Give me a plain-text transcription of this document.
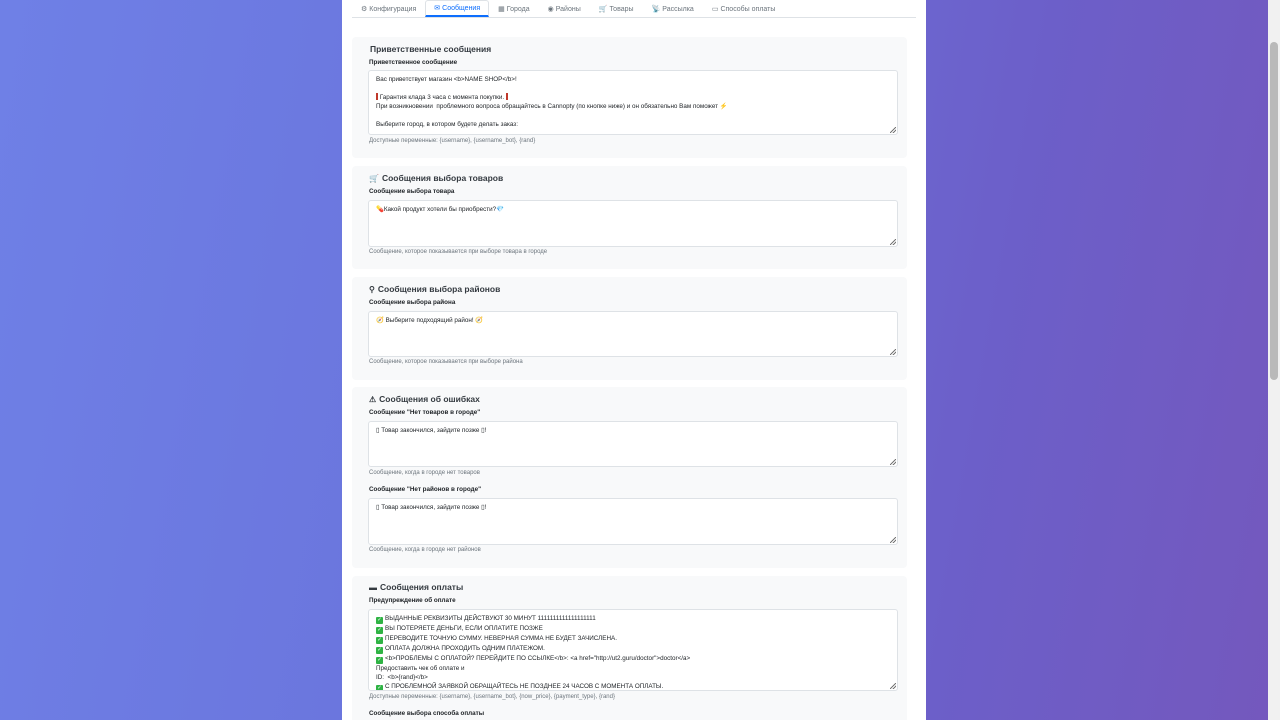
⚙ Конфигурация	✉ Сообщения	▦ Города	◉ Районы	🛒 Товары	📡 Рассылка	▭ Способы оплаты
Приветственные сообщения
Приветственное сообщение
Вас приветствует магазин <b>NAME SHOP</b>!

Гарантия клада 3 часа с момента покупки.
При возникновении  проблемного вопроса обращайтесь в Cannopty (по кнопке ниже) и он обязательно Вам поможет ⚡

Выберите город, в котором будете делать заказ:
Доступные переменные: {username}, {username_bot}, {rand}
🛒 Сообщения выбора товаров
Сообщение выбора товара
💊Какой продукт хотели бы приобрести?💎
Сообщение, которое показывается при выборе товара в городе
⚲ Сообщения выбора районов
Сообщение выбора района
🧭 Выберите подходящий район! 🧭
Сообщение, которое показывается при выборе района
⚠ Сообщения об ошибках
Сообщение "Нет товаров в городе"
▯ Товар закончился, зайдите позже ▯!
Сообщение, когда в городе нет товаров
Сообщение "Нет районов в городе"
▯ Товар закончился, зайдите позже ▯!
Сообщение, когда в городе нет районов
▬ Сообщения оплаты
Предупреждение об оплате
✓ ВЫДАННЫЕ РЕКВИЗИТЫ ДЕЙСТВУЮТ 30 МИНУТ 1111111111111111111
✓ ВЫ ПОТЕРЯЕТЕ ДЕНЬГИ, ЕСЛИ ОПЛАТИТЕ ПОЗЖЕ
✓ ПЕРЕВОДИТЕ ТОЧНУЮ СУММУ. НЕВЕРНАЯ СУММА НЕ БУДЕТ ЗАЧИСЛЕНА.
✓ ОПЛАТА ДОЛЖНА ПРОХОДИТЬ ОДНИМ ПЛАТЕЖОМ.
✓ <b>ПРОБЛЕМЫ С ОПЛАТОЙ? ПЕРЕЙДИТЕ ПО ССЫЛКЕ</b>: <a href="http://ut2.guru/doctor">doctor</a>
Предоставить чек об оплате и
ID:  <b>{rand}</b>
✓ С ПРОБЛЕМНОЙ ЗАЯВКОЙ ОБРАЩАЙТЕСЬ НЕ ПОЗДНЕЕ 24 ЧАСОВ С МОМЕНТА ОПЛАТЫ.
Доступные переменные: {username}, {username_bot}, {now_price}, {payment_type}, {rand}
Сообщение выбора способа оплаты
